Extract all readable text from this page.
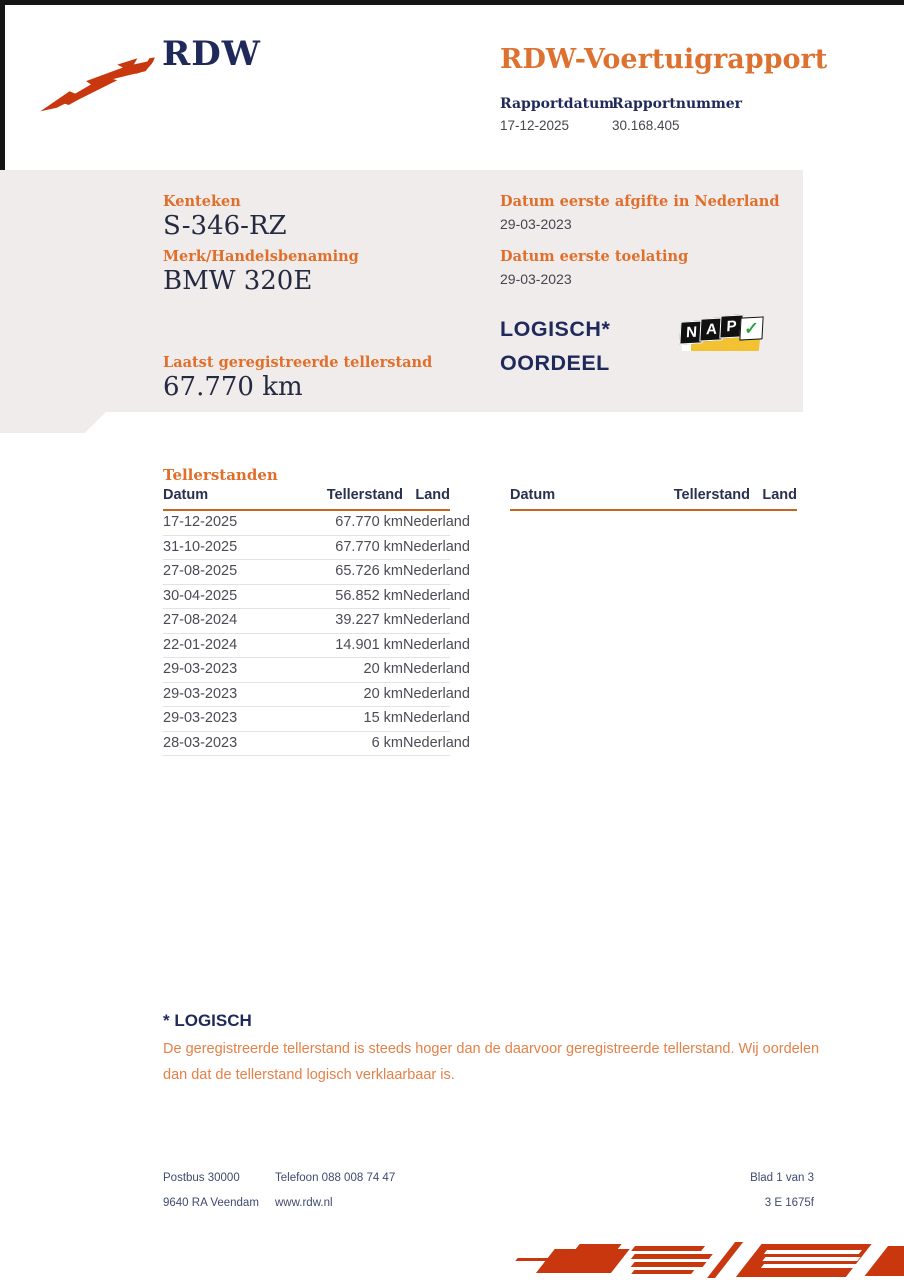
RDW	RDW-Voertuigrapport
Rapportdatum
Rapportnummer
17-12-2025	30.168.405
Kenteken
S-346-RZ
Merk/Handelsbenaming
BMW 320E
Datum eerste afgifte in Nederland
29-03-2023
Datum eerste toelating
29-03-2023
LOGISCH*
OORDEEL
N A P ✓
Laatst geregistreerde tellerstand
67.770 km
Tellerstanden
Datum	Tellerstand Land
17-12-2025	67.770 km Nederland
31-10-2025	67.770 km Nederland
27-08-2025	65.726 km Nederland
30-04-2025	56.852 km Nederland
27-08-2024	39.227 km Nederland
22-01-2024	14.901 km Nederland
29-03-2023	20 km Nederland
29-03-2023	20 km Nederland
29-03-2023	15 km Nederland
28-03-2023	6 km Nederland
Datum	Tellerstand Land
* LOGISCH
De geregistreerde tellerstand is steeds hoger dan de daarvoor geregistreerde tellerstand. Wij oordelen dan dat de tellerstand logisch verklaarbaar is.
Postbus 30000
9640 RA Veendam
Telefoon 088 008 74 47
www.rdw.nl
Blad 1 van 3
3 E 1675f
